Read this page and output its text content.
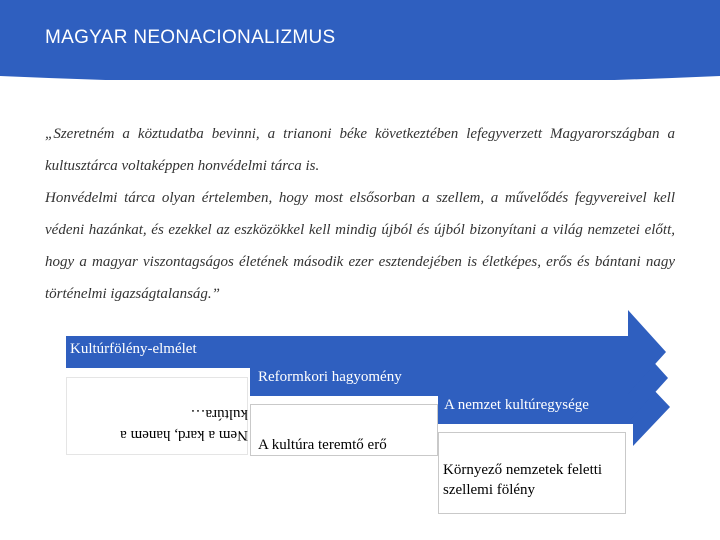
MAGYAR NEONACIONALIZMUS

„Szeretném a köztudatba bevinni, a trianoni béke következtében lefegyverzett Magyarországban a kultusztárca voltaképpen honvédelmi tárca is.

Honvédelmi tárca olyan értelemben, hogy most elsősorban a szellem, a művelődés fegyvereivel kell védeni hazánkat, és ezekkel az eszközökkel kell mindig újból és újból bizonyítani a világ nemzetei előtt, hogy a magyar viszontagságos életének második ezer esztendejében is életképes, erős és bántani nagy történelmi igazságtalanság.”

Nem a kard, hanem a kultúra…
A kultúra teremtő erő
Környező nemzetek feletti szellemi fölény
Kultúrfölény-elmélet
Reformkori hagyomény
A nemzet kultúregysége
